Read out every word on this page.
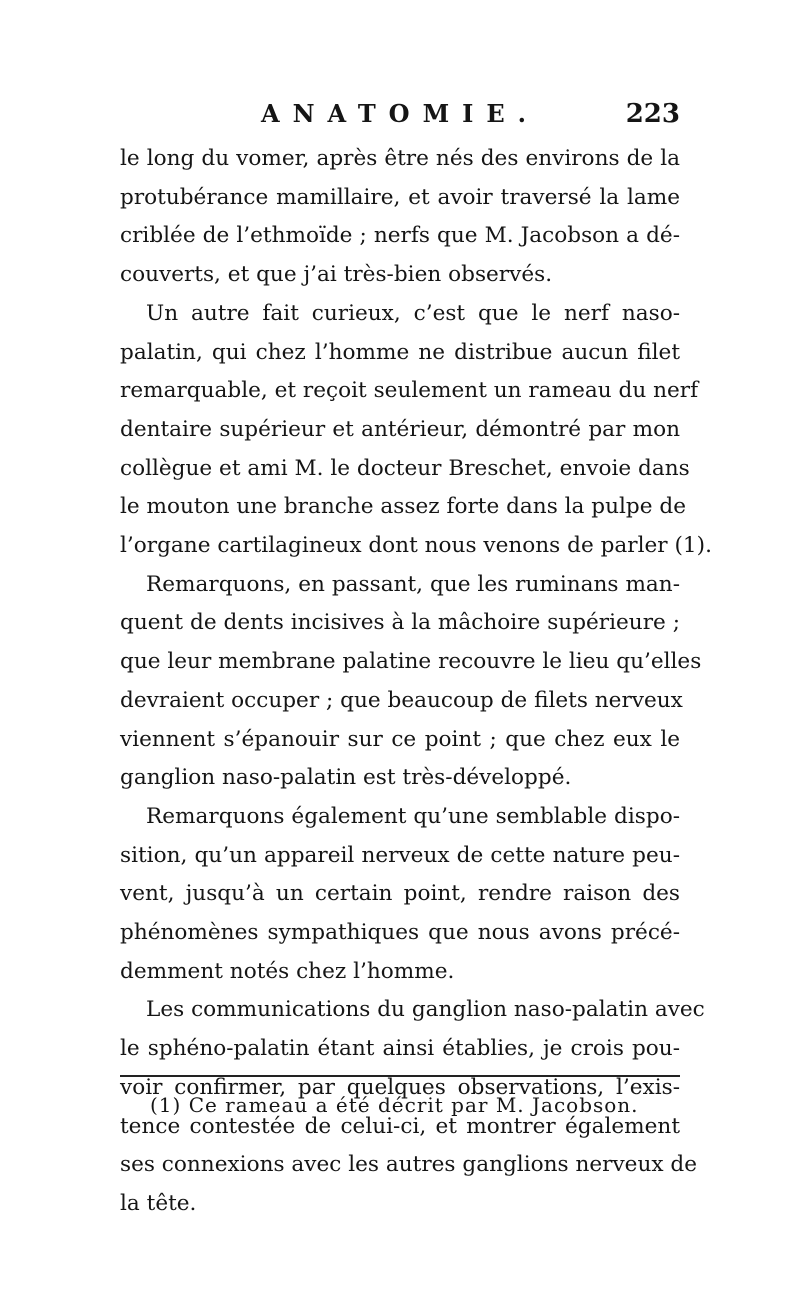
ANATOMIE.	223

le long du vomer, après être nés des environs de la
protubérance mamillaire, et avoir traversé la lame
criblée de l’ethmoïde ; nerfs que M. Jacobson a dé-
couverts, et que j’ai très-bien observés.

Un autre fait curieux, c’est que le nerf naso-
palatin, qui chez l’homme ne distribue aucun filet
remarquable, et reçoit seulement un rameau du nerf
dentaire supérieur et antérieur, démontré par mon
collègue et ami M. le docteur Breschet, envoie dans
le mouton une branche assez forte dans la pulpe de
l’organe cartilagineux dont nous venons de parler (1).

Remarquons, en passant, que les ruminans man-
quent de dents incisives à la mâchoire supérieure ;
que leur membrane palatine recouvre le lieu qu’elles
devraient occuper ; que beaucoup de filets nerveux
viennent s’épanouir sur ce point ; que chez eux le
ganglion naso-palatin est très-développé.

Remarquons également qu’une semblable dispo-
sition, qu’un appareil nerveux de cette nature peu-
vent, jusqu’à un certain point, rendre raison des
phénomènes sympathiques que nous avons précé-
demment notés chez l’homme.

Les communications du ganglion naso-palatin avec
le sphéno-palatin étant ainsi établies, je crois pou-
voir confirmer, par quelques observations, l’exis-
tence contestée de celui-ci, et montrer également
ses connexions avec les autres ganglions nerveux de
la tête.

(1) Ce rameau a été décrit par M. Jacobson.
